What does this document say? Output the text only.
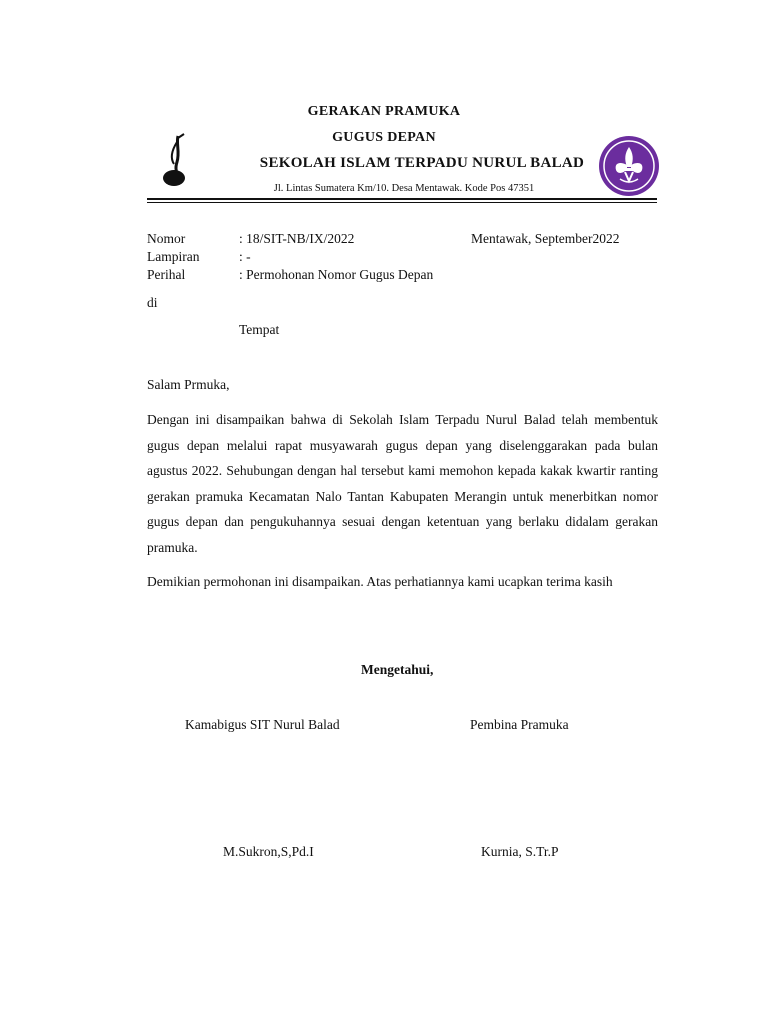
GERAKAN PRAMUKA
GUGUS DEPAN
SEKOLAH ISLAM TERPADU NURUL BALAD
Jl. Lintas Sumatera Km/10. Desa Mentawak. Kode Pos 47351
Nomor	: 18/SIT-NB/IX/2022	Mentawak, September2022
Lampiran	: -
Perihal	: Permohonan Nomor Gugus Depan
di
Tempat
Salam Prmuka,
Dengan ini disampaikan bahwa di Sekolah Islam Terpadu Nurul Balad telah membentuk gugus depan melalui rapat musyawarah gugus depan yang diselenggarakan pada bulan agustus 2022. Sehubungan dengan hal tersebut kami memohon kepada kakak kwartir ranting gerakan pramuka Kecamatan Nalo Tantan Kabupaten Merangin untuk menerbitkan nomor gugus depan dan pengukuhannya sesuai dengan ketentuan yang berlaku didalam gerakan pramuka.
Demikian permohonan ini disampaikan. Atas perhatiannya kami ucapkan terima kasih
Mengetahui,
Kamabigus SIT Nurul Balad	Pembina Pramuka
M.Sukron,S,Pd.I	Kurnia, S.Tr.P
